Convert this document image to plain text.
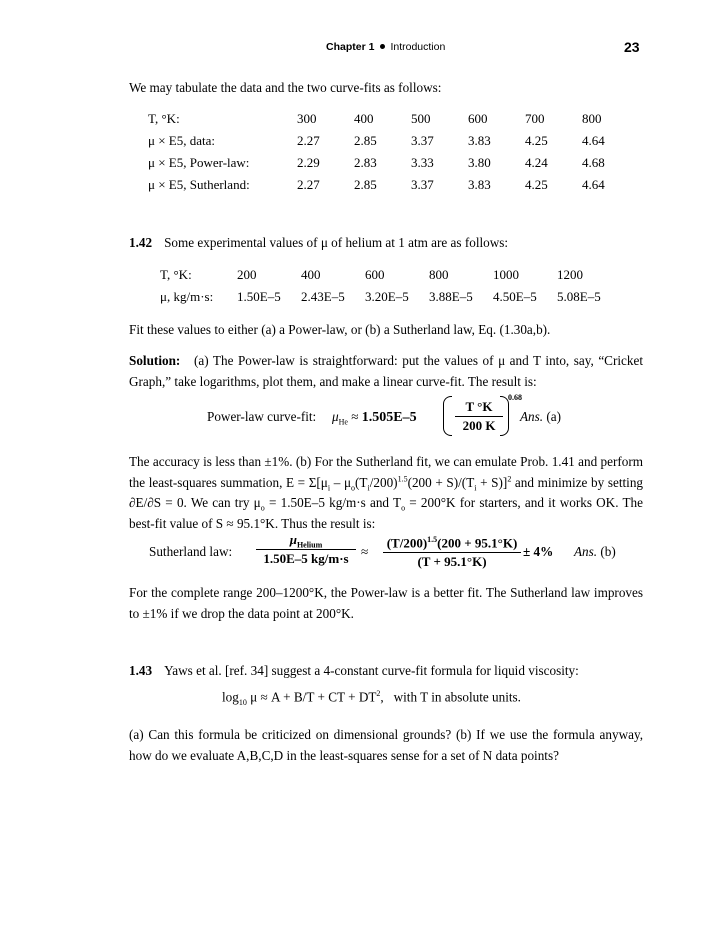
Chapter 1 Introduction	23
We may tabulate the data and the two curve-fits as follows:
T, °K:	300	400	500	600	700	800
μ × E5, data:	2.27	2.85	3.37	3.83	4.25	4.64
μ × E5, Power-law:	2.29	2.83	3.33	3.80	4.24	4.68
μ × E5, Sutherland:	2.27	2.85	3.37	3.83	4.25	4.64
1.42 Some experimental values of μ of helium at 1 atm are as follows:
T, °K:	200	400	600	800	1000	1200
μ, kg/m·s:	1.50E–5	2.43E–5	3.20E–5	3.88E–5	4.50E–5	5.08E–5
Fit these values to either (a) a Power-law, or (b) a Sutherland law, Eq. (1.30a,b).
Solution: (a) The Power-law is straightforward: put the values of μ and T into, say, “Cricket Graph,” take logarithms, plot them, and make a linear curve-fit. The result is:
Power-law curve-fit: $\mu_{He} \approx 1.505E-5$	$\frac{T ^\circ K}{200 K}$
0.68
Ans. (a)
The accuracy is less than ±1%. (b) For the Sutherland fit, we can emulate Prob. 1.41 and perform the least-squares summation, $E = \Sigma[\mu_i - \mu_o(T_i/200)^{1.5}(200 + S)/(T_i + S)]^2$ and minimize by setting ∂E/∂S = 0. We can try $\mu_o = 1.50E-5$ kg/m·s and $T_o = 200^\circ K$ for starters, and it works OK. The best-fit value of S ≈ 95.1°K. Thus the result is:
Sutherland law:
$\mu_{Helium}$
1.50E–5 $kg/m\cdot s \approx \frac{(T/200)^{1.5}(200 + 95.1^\circ K)}{(T + 95.1^\circ K)} \pm 4\%$ Ans. (b)
For the complete range 200–1200°K, the Power-law is a better fit. The Sutherland law improves to ±1% if we drop the data point at 200°K.
1.43 Yaws et al. [ref. 34] suggest a 4-constant curve-fit formula for liquid viscosity:
$\log_{10} \mu \approx A + B/T$ + CT + $DT^2$,   with T in absolute units.
(a) Can this formula be criticized on dimensional grounds? (b) If we use the formula anyway, how do we evaluate A,B,C,D in the least-squares sense for a set of N data points?
